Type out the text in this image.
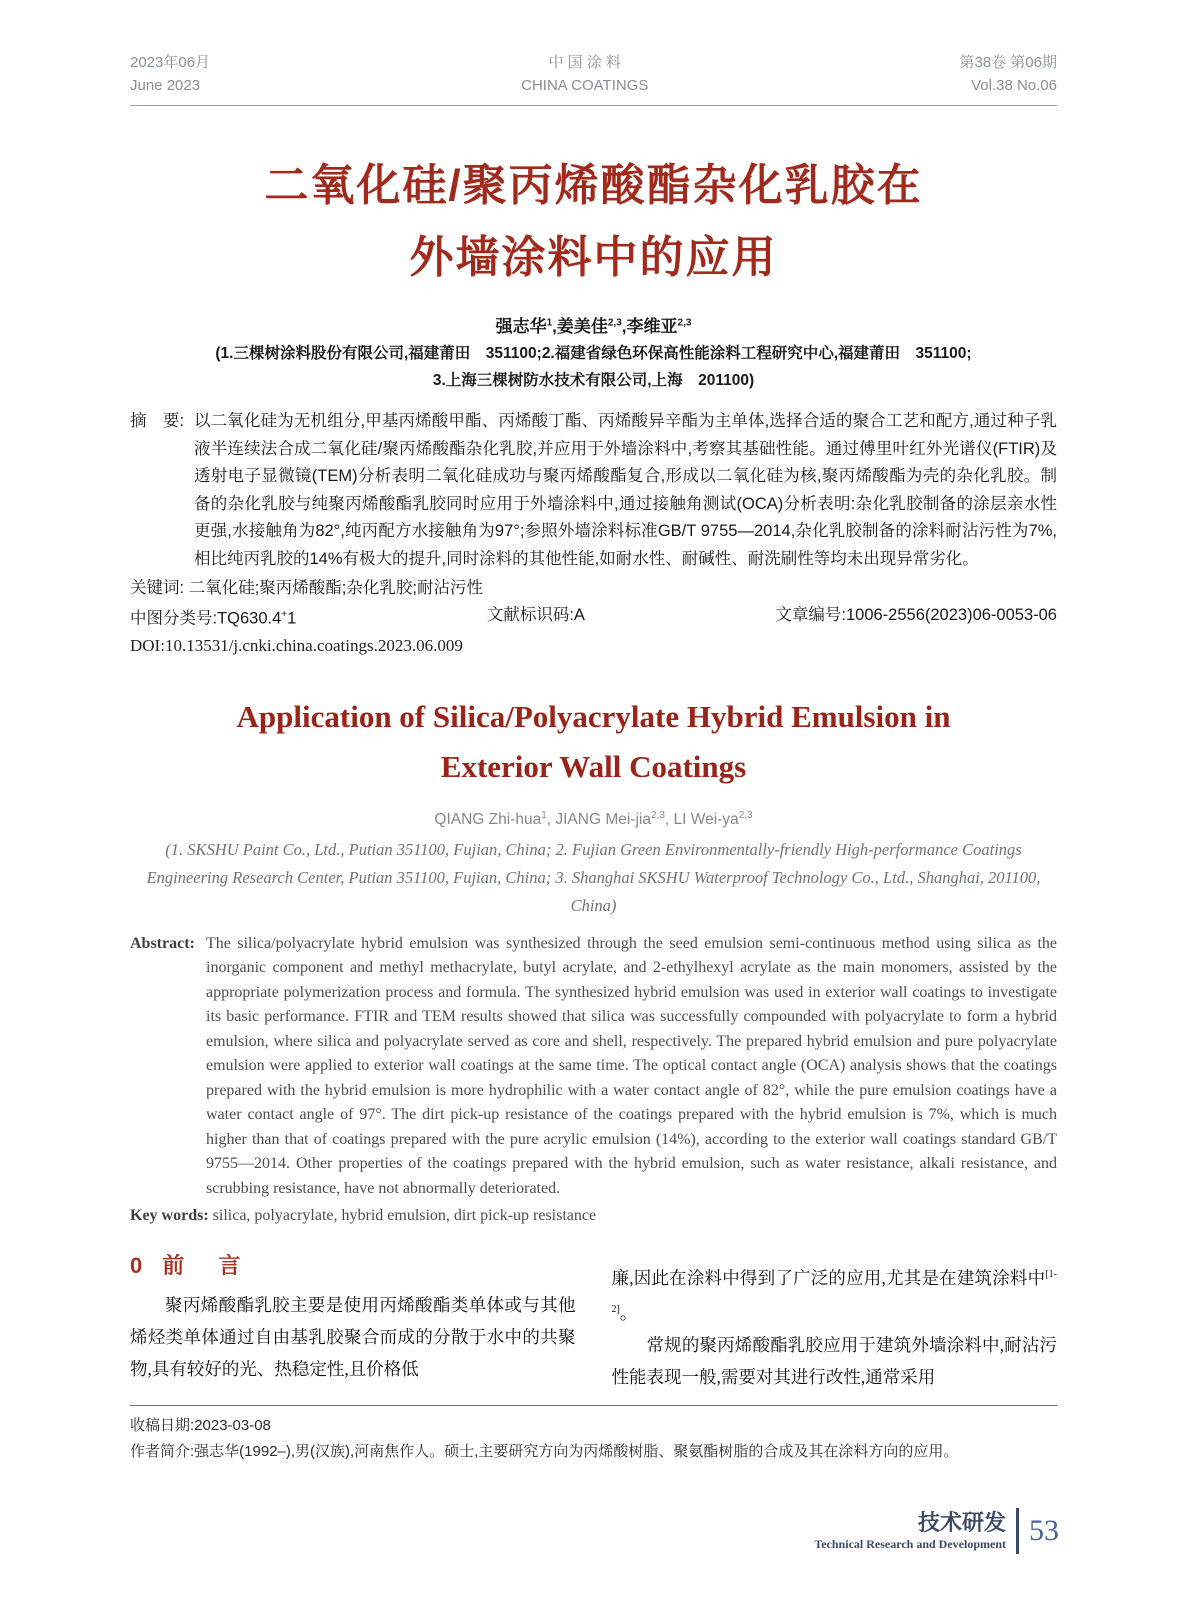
2023年06月
June 2023
中 国 涂 料
CHINA COATINGS
第38卷 第06期
Vol.38 No.06
二氧化硅/聚丙烯酸酯杂化乳胶在
外墙涂料中的应用
强志华$^1$,姜美佳$^{2,3}$,李维亚$^{2,3}$
(1.三棵树涂料股份有限公司,福建莆田　351100;2.福建省绿色环保高性能涂料工程研究中心,福建莆田　351100;
3.上海三棵树防水技术有限公司,上海　201100)
摘　要: 以二氧化硅为无机组分,甲基丙烯酸甲酯、丙烯酸丁酯、丙烯酸异辛酯为主单体,选择合适的聚合工艺和配方,通过种子乳液半连续法合成二氧化硅/聚丙烯酸酯杂化乳胶,并应用于外墙涂料中,考察其基础性能。通过傅里叶红外光谱仪(FTIR)及透射电子显微镜(TEM)分析表明二氧化硅成功与聚丙烯酸酯复合,形成以二氧化硅为核,聚丙烯酸酯为壳的杂化乳胶。制备的杂化乳胶与纯聚丙烯酸酯乳胶同时应用于外墙涂料中,通过接触角测试(OCA)分析表明:杂化乳胶制备的涂层亲水性更强,水接触角为82°,纯丙配方水接触角为97°;参照外墙涂料标准GB/T 9755—2014,杂化乳胶制备的涂料耐沾污性为7%,相比纯丙乳胶的14%有极大的提升,同时涂料的其他性能,如耐水性、耐碱性、耐洗刷性等均未出现异常劣化。
关键词: 二氧化硅;聚丙烯酸酯;杂化乳胶;耐沾污性
中图分类号:TQ630.4+1	文献标识码:A	文章编号:1006-2556(2023)06-0053-06
DOI:10.13531/j.cnki.china.coatings.2023.06.009
Application of Silica/Polyacrylate Hybrid Emulsion in
Exterior Wall Coatings
QIANG Zhi-hua$^1$, JIANG Mei-jia$^{2,3}$, LI Wei-ya$^{2,3}$
(1. SKSHU Paint Co., Ltd., Putian 351100, Fujian, China; 2. Fujian Green Environmentally-friendly High-performance Coatings Engineering Research Center, Putian 351100, Fujian, China; 3. Shanghai SKSHU Waterproof Technology Co., Ltd., Shanghai, 201100, China)
Abstract: The silica/polyacrylate hybrid emulsion was synthesized through the seed emulsion semi-continuous method using silica as the inorganic component and methyl methacrylate, butyl acrylate, and 2-ethylhexyl acrylate as the main monomers, assisted by the appropriate polymerization process and formula. The synthesized hybrid emulsion was used in exterior wall coatings to investigate its basic performance. FTIR and TEM results showed that silica was successfully compounded with polyacrylate to form a hybrid emulsion, where silica and polyacrylate served as core and shell, respectively. The prepared hybrid emulsion and pure polyacrylate emulsion were applied to exterior wall coatings at the same time. The optical contact angle (OCA) analysis shows that the coatings prepared with the hybrid emulsion is more hydrophilic with a water contact angle of 82°, while the pure emulsion coatings have a water contact angle of 97°. The dirt pick-up resistance of the coatings prepared with the hybrid emulsion is 7%, which is much higher than that of coatings prepared with the pure acrylic emulsion (14%), according to the exterior wall coatings standard GB/T 9755—2014. Other properties of the coatings prepared with the hybrid emulsion, such as water resistance, alkali resistance, and scrubbing resistance, have not abnormally deteriorated.
Key words: silica, polyacrylate, hybrid emulsion, dirt pick-up resistance
0 前 言
聚丙烯酸酯乳胶主要是使用丙烯酸酯类单体或与其他烯烃类单体通过自由基乳胶聚合而成的分散于水中的共聚物,具有较好的光、热稳定性,且价格低
廉,因此在涂料中得到了广泛的应用,尤其是在建筑涂料中[1-2]。
常规的聚丙烯酸酯乳胶应用于建筑外墙涂料中,耐沾污性能表现一般,需要对其进行改性,通常采用
收稿日期:2023-03-08
作者简介:强志华(1992–),男(汉族),河南焦作人。硕士,主要研究方向为丙烯酸树脂、聚氨酯树脂的合成及其在涂料方向的应用。
技术研发
Technical Research and Development 53
